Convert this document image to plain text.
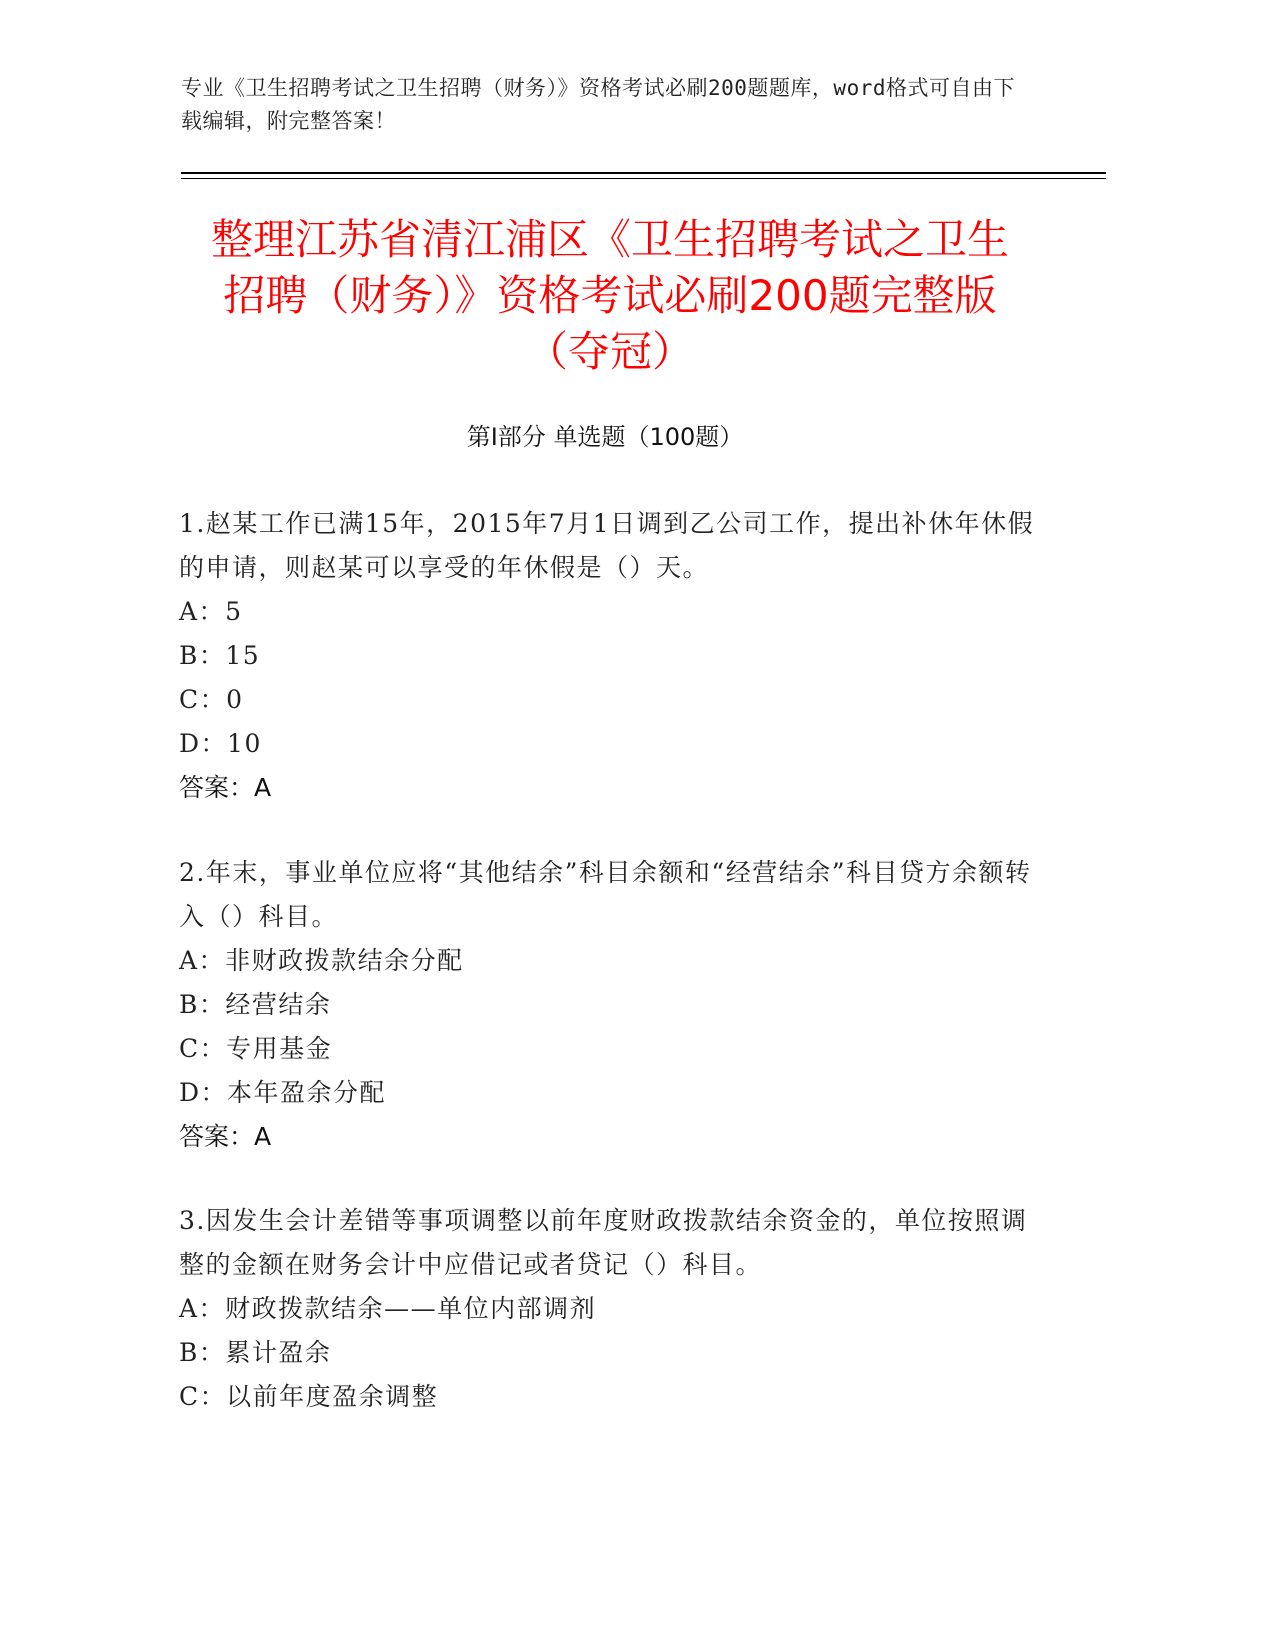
专业《卫生招聘考试之卫生招聘（财务）》资格考试必刷200题题库，word格式可自由下载编辑，附完整答案！
整理江苏省清江浦区《卫生招聘考试之卫生
招聘（财务）》资格考试必刷200题完整版
（夺冠）
第Ⅰ部分 单选题（100题）
1.赵某工作已满15年，2015年7月1日调到乙公司工作，提出补休年休假的申请，则赵某可以享受的年休假是（）天。
A：5
B：15
C：0
D：10
答案：A
2.年末，事业单位应将“其他结余”科目余额和“经营结余”科目贷方余额转入（）科目。
A：非财政拨款结余分配
B：经营结余
C：专用基金
D：本年盈余分配
答案：A
3.因发生会计差错等事项调整以前年度财政拨款结余资金的，单位按照调整的金额在财务会计中应借记或者贷记（）科目。
A：财政拨款结余——单位内部调剂
B：累计盈余
C：以前年度盈余调整
